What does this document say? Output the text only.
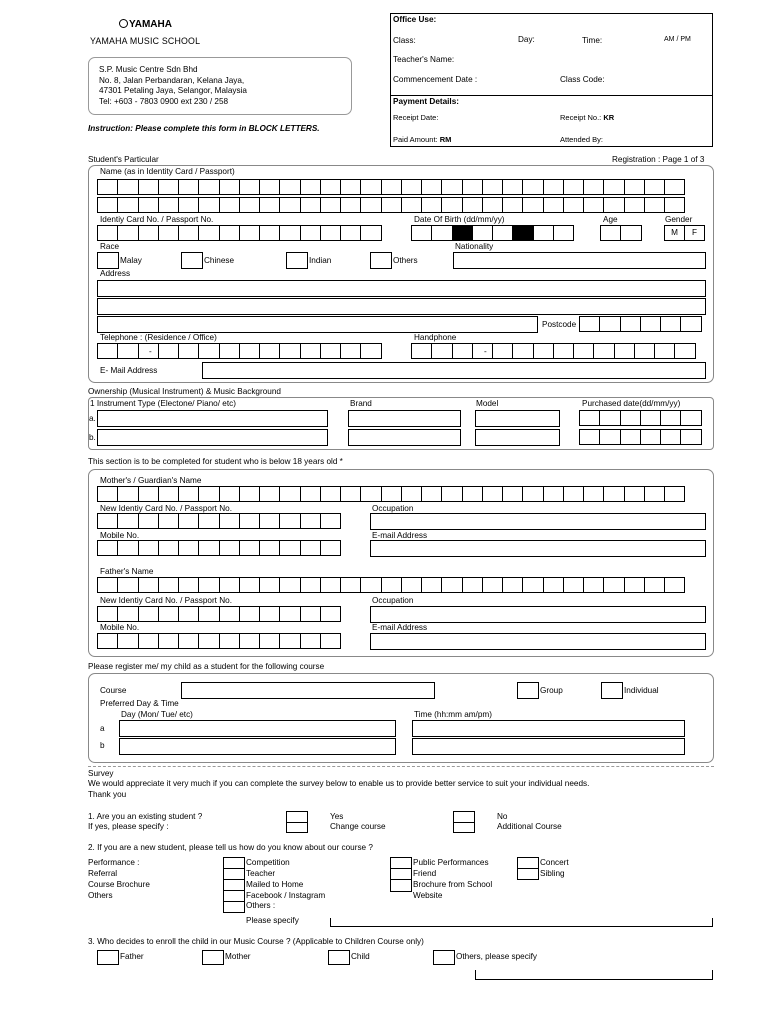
YAMAHA
YAMAHA MUSIC SCHOOL
S.P. Music Centre Sdn Bhd
No. 8, Jalan Perbandaran, Kelana Jaya,
47301 Petaling Jaya, Selangor, Malaysia
Tel: +603 - 7803 0900 ext 230 / 258
Instruction: Please complete this form in BLOCK LETTERS.
Office Use:
Class:	Day:	Time:	AM / PM
Teacher's Name:
Commencement Date :	Class Code:
Payment Details:
Receipt Date:	Receipt No.: KR
Paid Amount: RM	Attended By:
Student's Particular	Registration : Page 1 of 3
Name (as in Identity Card / Passport)
Identiy Card No. / Passport No.	Date Of Birth (dd/mm/yy)	Age	Gender
M	F
Race	Nationality
Malay	Chinese	Indian	Others
Address
Postcode
Telephone : (Residence / Office)	Handphone
-	-
E- Mail Address
Ownership (Musical Instrument) & Music Background
1 Instrument Type (Electone/ Piano/ etc)	Brand	Model	Purchased date(dd/mm/yy)
a.
b.
This section is to be completed for student who is below 18 years old *
Mother's / Guardian's Name
New Identiy Card No. / Passport No.	Occupation
Mobile No.	E-mail Address
Father's Name
New Identiy Card No. / Passport No.	Occupation
Mobile No.	E-mail Address
Please register me/ my child as a student for the following course
Course	Group	Individual
Preferred Day & Time
Day (Mon/ Tue/ etc)	Time (hh:mm am/pm)
a
b
Survey
We would appreciate it very much if you can complete the survey below to enable us to provide better service to suit your individual needs.
Thank you
1. Are you an existing student ?
If yes, please specify :
Yes
Change course
No
Additional Course
2. If you are a new student, please tell us how do you know about our course ?
Performance :
Referral
Course Brochure
Others
Competition
Teacher
Mailed to Home
Facebook / Instagram
Others :
Please specify
Public Performances
Friend
Brochure from School
Website
Concert
Sibling
3. Who decides to enroll the child in our Music Course ? (Applicable to Children Course only)
Father	Mother	Child	Others, please specify
